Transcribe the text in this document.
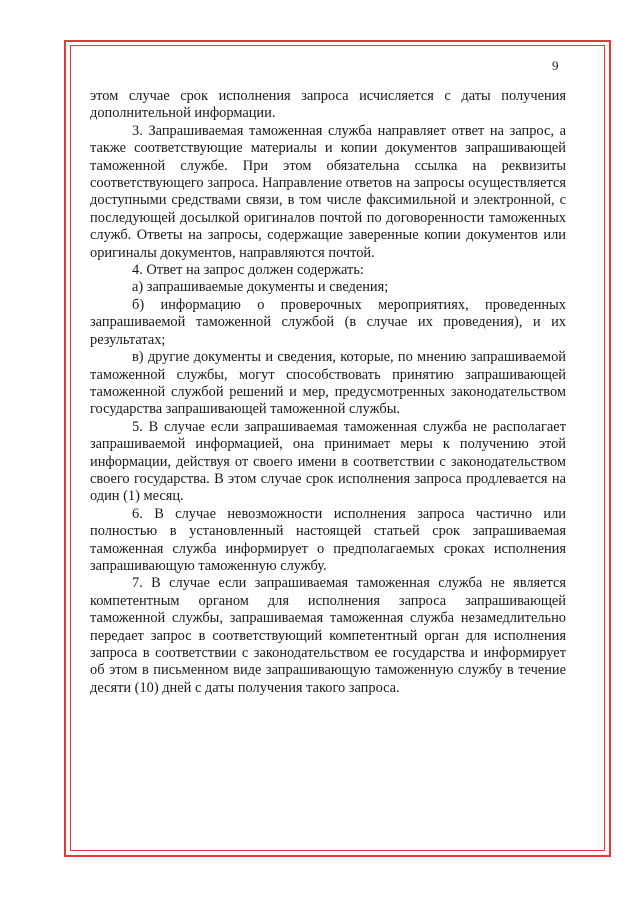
9

этом случае срок исполнения запроса исчисляется с даты получения дополнительной информации.

3. Запрашиваемая таможенная служба направляет ответ на запрос, а также соответствующие материалы и копии документов запрашивающей таможенной службе. При этом обязательна ссылка на реквизиты соответствующего запроса. Направление ответов на запросы осуществляется доступными средствами связи, в том числе факсимильной и электронной, с последующей досылкой оригиналов почтой по договоренности таможенных служб. Ответы на запросы, содержащие заверенные копии документов или оригиналы документов, направляются почтой.

4. Ответ на запрос должен содержать:

а) запрашиваемые документы и сведения;

б) информацию о проверочных мероприятиях, проведенных запрашиваемой таможенной службой (в случае их проведения), и их результатах;

в) другие документы и сведения, которые, по мнению запрашиваемой таможенной службы, могут способствовать принятию запрашивающей таможенной службой решений и мер, предусмотренных законодательством государства запрашивающей таможенной службы.

5. В случае если запрашиваемая таможенная служба не располагает запрашиваемой информацией, она принимает меры к получению этой информации, действуя от своего имени в соответствии с законодательством своего государства. В этом случае срок исполнения запроса продлевается на один (1) месяц.

6. В случае невозможности исполнения запроса частично или полностью в установленный настоящей статьей срок запрашиваемая таможенная служба информирует о предполагаемых сроках исполнения запрашивающую таможенную службу.

7. В случае если запрашиваемая таможенная служба не является компетентным органом для исполнения запроса запрашивающей таможенной службы, запрашиваемая таможенная служба незамедлительно передает запрос в соответствующий компетентный орган для исполнения запроса в соответствии с законодательством ее государства и информирует об этом в письменном виде запрашивающую таможенную службу в течение десяти (10) дней с даты получения такого запроса.
